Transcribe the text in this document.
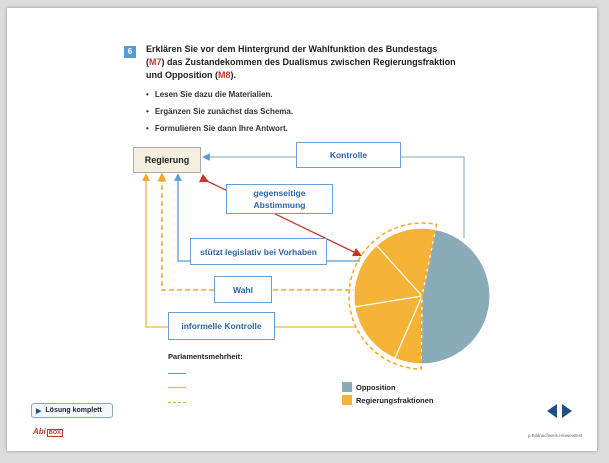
6	Erklären Sie vor dem Hintergrund der Wahlfunktion des Bundestags
(M7) das Zustandekommen des Dualismus zwischen Regierungsfraktion
und Opposition (M8).
• Lesen Sie dazu die Materialien.
• Ergänzen Sie zunächst das Schema.
• Formulieren Sie dann Ihre Antwort.
Regierung	Kontrolle
gegenseitige Abstimmung
stützt legislativ bei Vorhaben
Wahl
informelle Kontrolle
Parlamentsmehrheit:
Opposition
Regierungsfraktionen
▶ Lösung komplett
Abi BOX	p.Bildnachweis.Hinweistext
